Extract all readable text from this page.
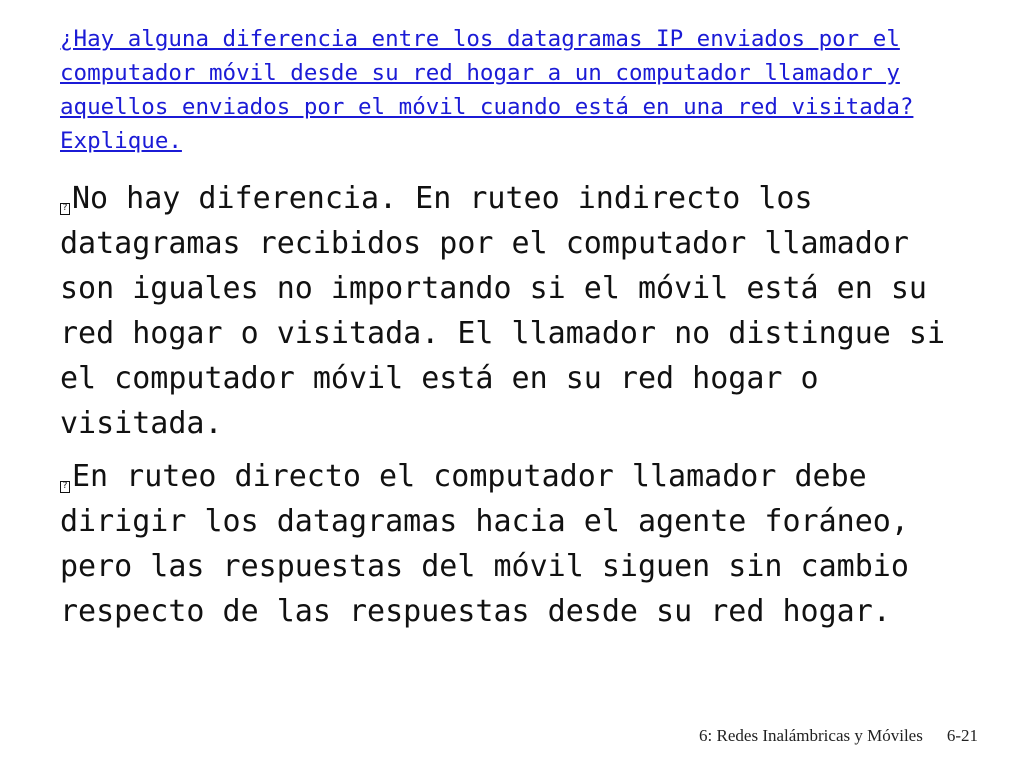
¿Hay alguna diferencia entre los datagramas IP enviados por el computador móvil desde su red hogar a un computador llamador y aquellos enviados por el móvil cuando está en una red visitada? Explique.

? No hay diferencia. En ruteo indirecto los datagramas recibidos por el computador llamador son iguales no importando si el móvil está en su red hogar o visitada. El llamador no distingue si el computador móvil está en su red hogar o visitada.
? En ruteo directo el computador llamador debe dirigir los datagramas hacia el agente foráneo, pero las respuestas del móvil siguen sin cambio respecto de las respuestas desde su red hogar.
6: Redes Inalámbricas y Móviles 6-21
